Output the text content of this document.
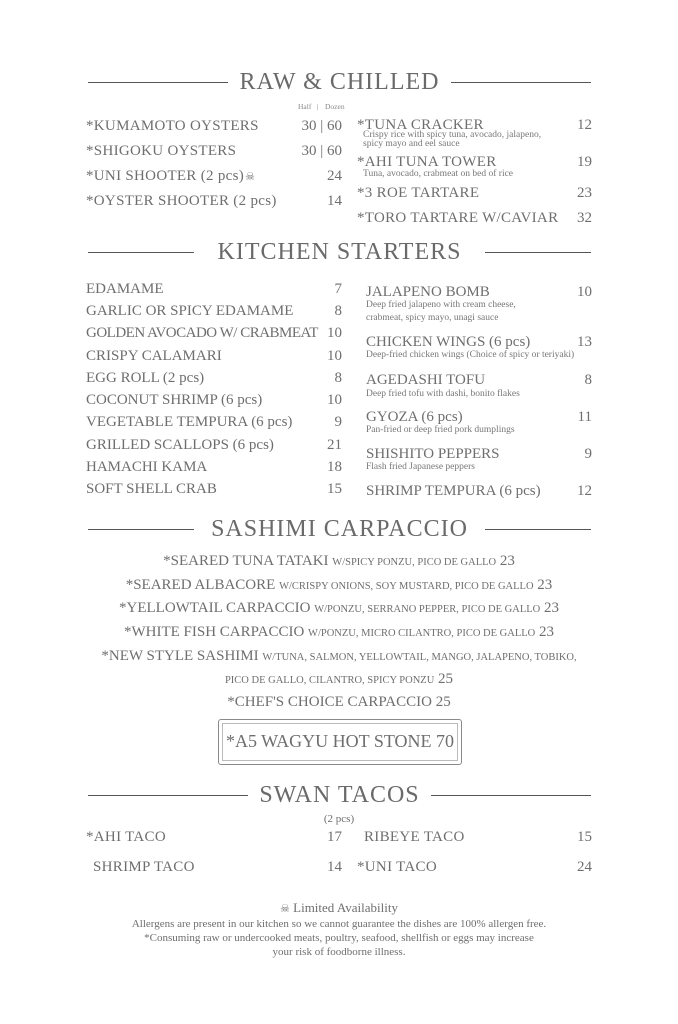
RAW & CHILLED
Half | Dozen
*KUMAMOTO OYSTERS	30 | 60
*SHIGOKU OYSTERS	30 | 60
*UNI SHOOTER (2 pcs)☠	24
*OYSTER SHOOTER (2 pcs)	14
*TUNA CRACKER	12
Crispy rice with spicy tuna, avocado, jalapeno,
spicy mayo and eel sauce
*AHI TUNA TOWER	19
Tuna, avocado, crabmeat on bed of rice
*3 ROE TARTARE	23
*TORO TARTARE W/CAVIAR	32
KITCHEN STARTERS
EDAMAME	7
GARLIC OR SPICY EDAMAME	8
GOLDEN AVOCADO W/ CRABMEAT 10
CRISPY CALAMARI	10
EGG ROLL (2 pcs)	8
COCONUT SHRIMP (6 pcs)	10
VEGETABLE TEMPURA (6 pcs)	9
GRILLED SCALLOPS (6 pcs)	21
HAMACHI KAMA	18
SOFT SHELL CRAB	15
JALAPENO BOMB	10
Deep fried jalapeno with cream cheese,
crabmeat, spicy mayo, unagi sauce
CHICKEN WINGS (6 pcs)	13
Deep-fried chicken wings (Choice of spicy or teriyaki)
AGEDASHI TOFU	8
Deep fried tofu with dashi, bonito flakes
GYOZA (6 pcs)	11
Pan-fried or deep fried pork dumplings
SHISHITO PEPPERS	9
Flash fried Japanese peppers
SHRIMP TEMPURA (6 pcs)	12
SASHIMI CARPACCIO
*SEARED TUNA TATAKI W/SPICY PONZU, PICO DE GALLO 23
*SEARED ALBACORE W/CRISPY ONIONS, SOY MUSTARD, PICO DE GALLO 23
*YELLOWTAIL CARPACCIO W/PONZU, SERRANO PEPPER, PICO DE GALLO 23
*WHITE FISH CARPACCIO W/PONZU, MICRO CILANTRO, PICO DE GALLO 23
*NEW STYLE SASHIMI W/TUNA, SALMON, YELLOWTAIL, MANGO, JALAPENO, TOBIKO,
PICO DE GALLO, CILANTRO, SPICY PONZU 25
*CHEF'S CHOICE CARPACCIO 25
*A5 WAGYU HOT STONE 70
SWAN TACOS
(2 pcs)
*AHI TACO	17
SHRIMP TACO	14
RIBEYE TACO	15
*UNI TACO	24
☠ Limited Availability
Allergens are present in our kitchen so we cannot guarantee the dishes are 100% allergen free.
*Consuming raw or undercooked meats, poultry, seafood, shellfish or eggs may increase
your risk of foodborne illness.
